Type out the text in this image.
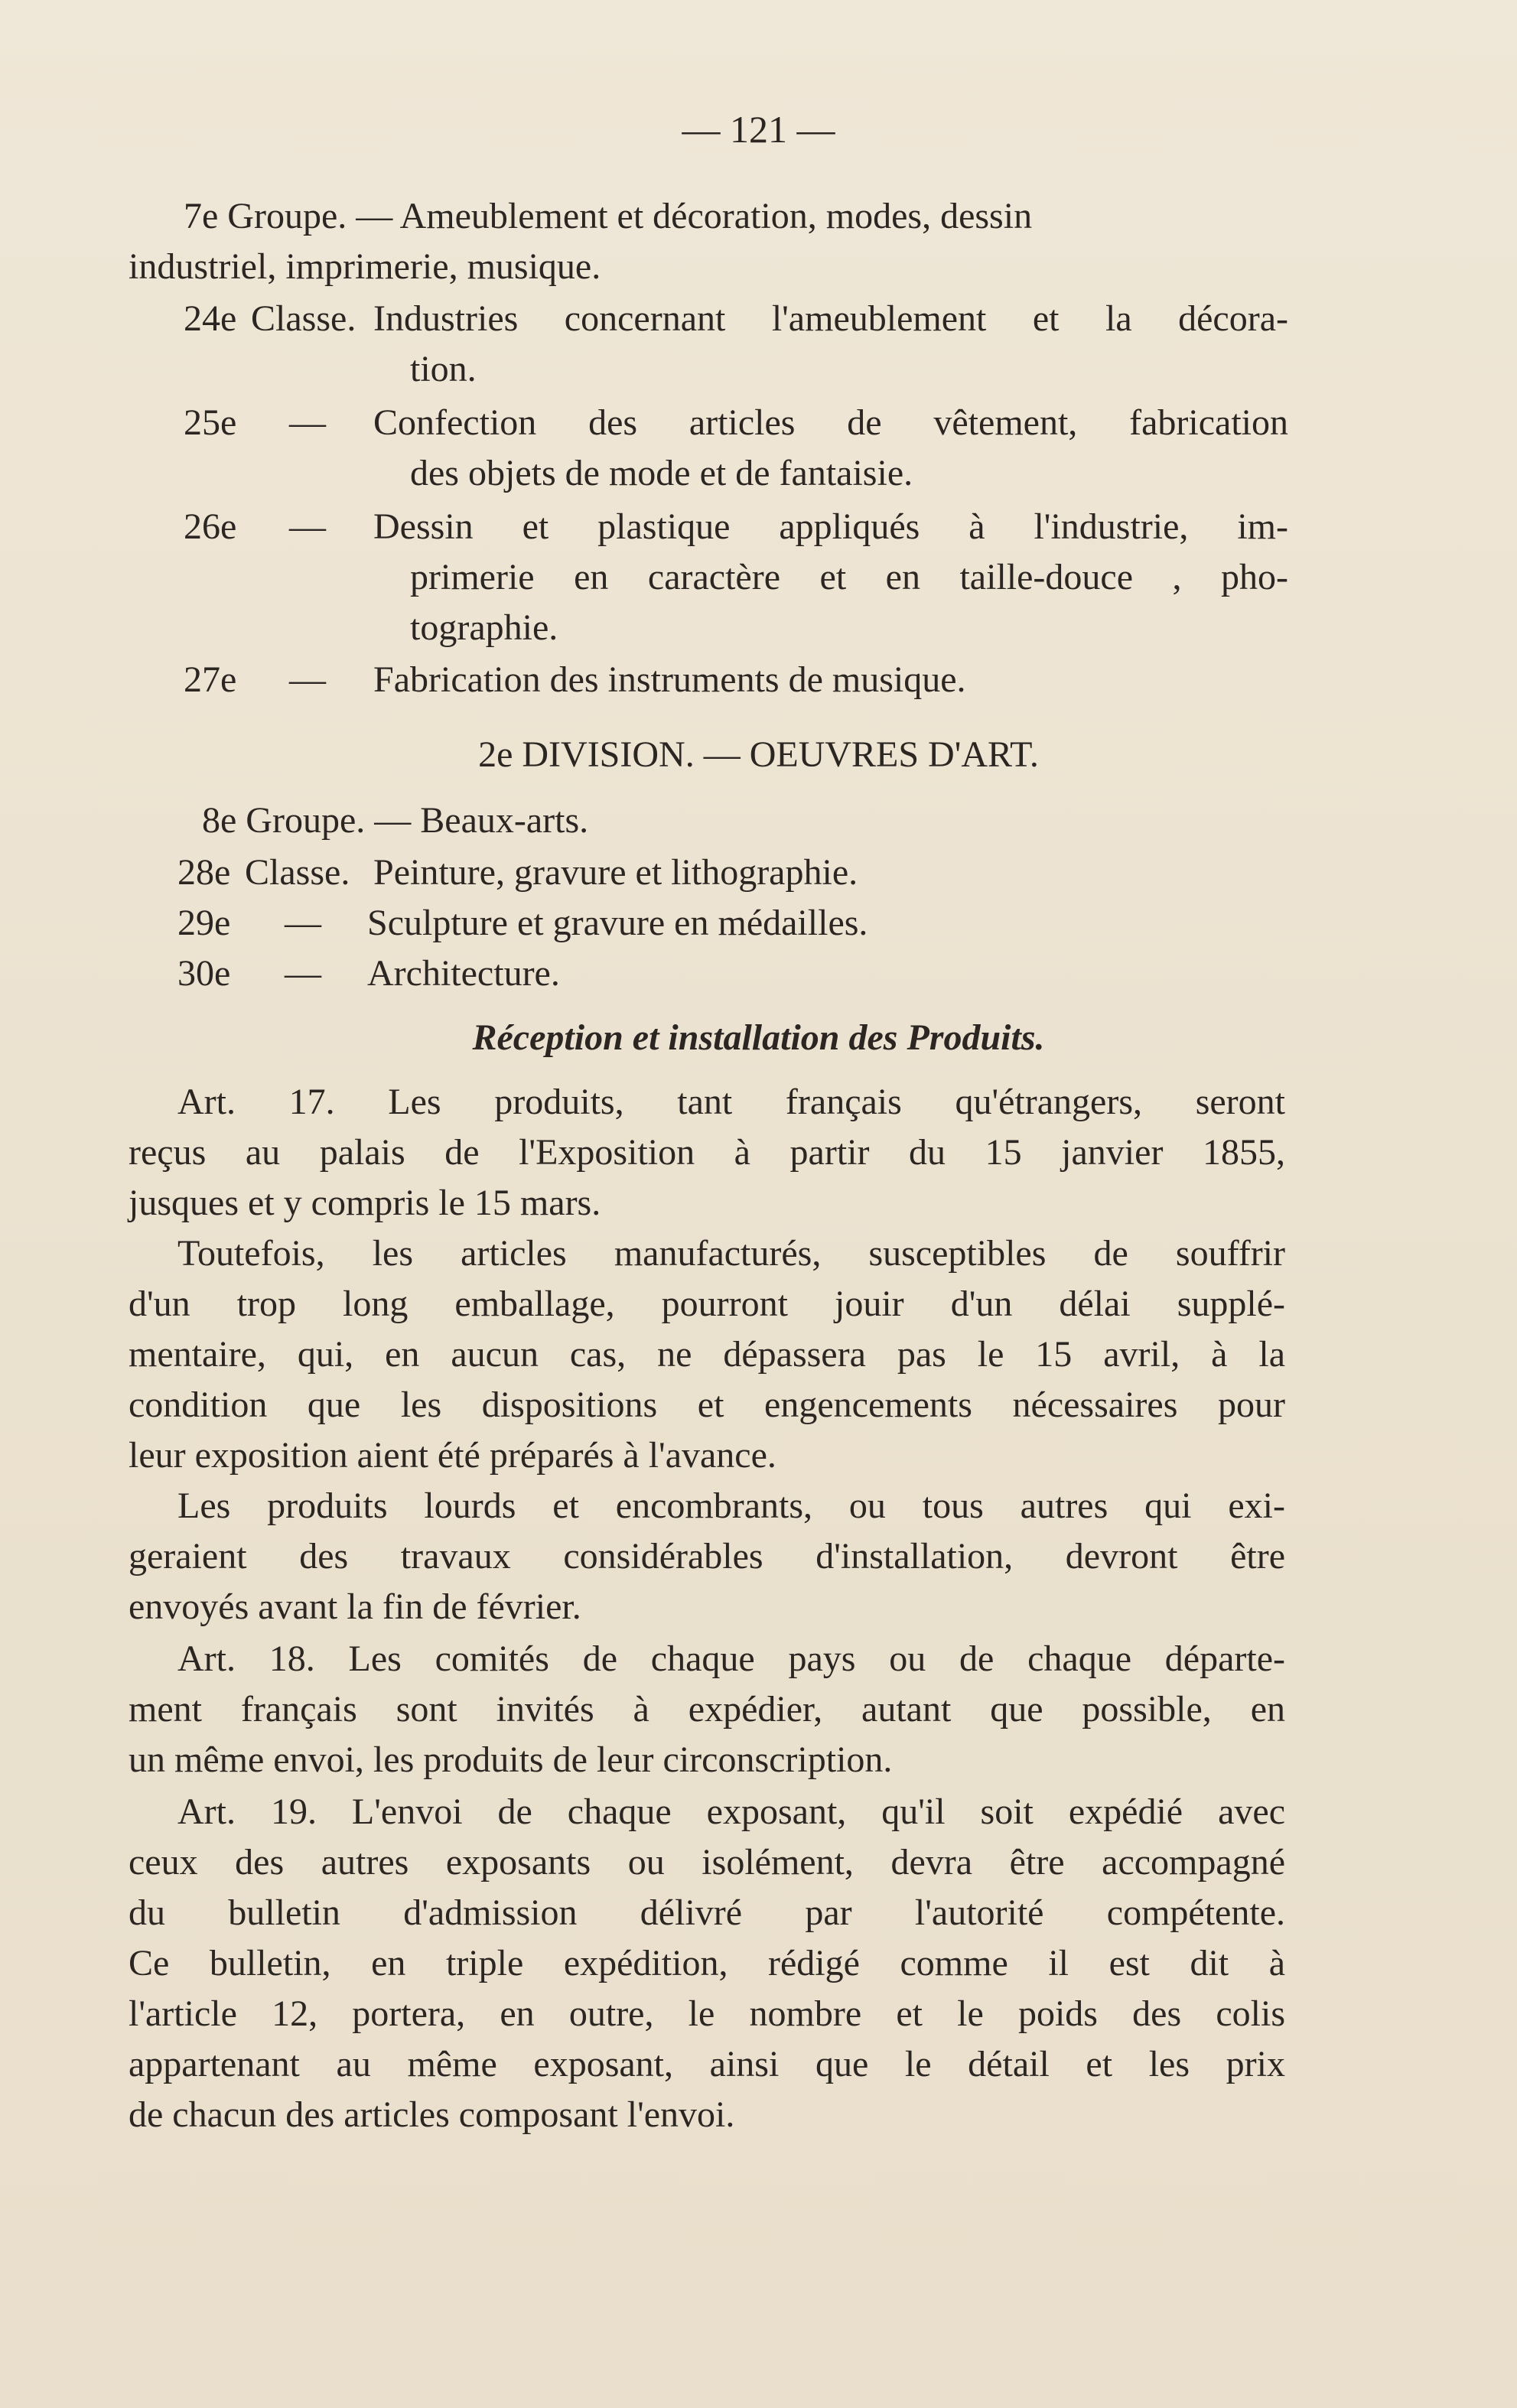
— 121 —
7e Groupe. — Ameublement et décoration, modes, dessin
industriel, imprimerie, musique.
24e Classe. Industries concernant l'ameublement et la décora-
tion.
25e — Confection des articles de vêtement, fabrication
des objets de mode et de fantaisie.
26e — Dessin et plastique appliqués à l'industrie, im-
primerie en caractère et en taille-douce , pho-
tographie.
27e — Fabrication des instruments de musique.
2e DIVISION. — OEUVRES D'ART.
8e Groupe. — Beaux-arts.
28e Classe. Peinture, gravure et lithographie.
29e — Sculpture et gravure en médailles.
30e — Architecture.
Réception et installation des Produits.
Art. 17. Les produits, tant français qu'étrangers, seront
reçus au palais de l'Exposition à partir du 15 janvier 1855,
jusques et y compris le 15 mars.
Toutefois, les articles manufacturés, susceptibles de souffrir
d'un trop long emballage, pourront jouir d'un délai supplé-
mentaire, qui, en aucun cas, ne dépassera pas le 15 avril, à la
condition que les dispositions et engencements nécessaires pour
leur exposition aient été préparés à l'avance.
Les produits lourds et encombrants, ou tous autres qui exi-
geraient des travaux considérables d'installation, devront être
envoyés avant la fin de février.
Art. 18. Les comités de chaque pays ou de chaque départe-
ment français sont invités à expédier, autant que possible, en
un même envoi, les produits de leur circonscription.
Art. 19. L'envoi de chaque exposant, qu'il soit expédié avec
ceux des autres exposants ou isolément, devra être accompagné
du bulletin d'admission délivré par l'autorité compétente.
Ce bulletin, en triple expédition, rédigé comme il est dit à
l'article 12, portera, en outre, le nombre et le poids des colis
appartenant au même exposant, ainsi que le détail et les prix
de chacun des articles composant l'envoi.
